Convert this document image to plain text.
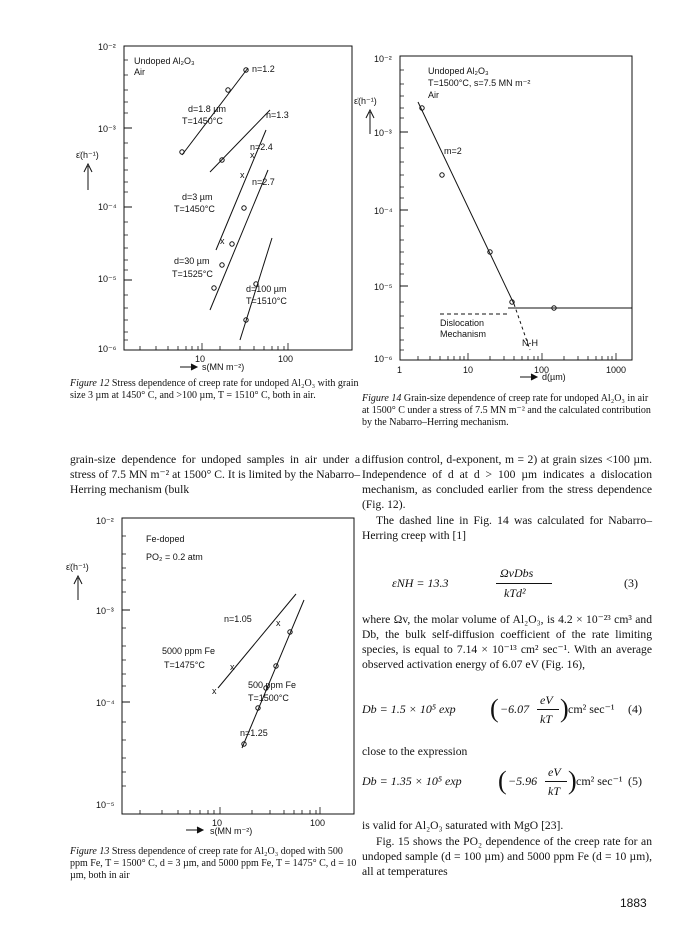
10⁻²
10⁻³
10⁻⁴
10⁻⁵
10⁻⁶
10	100
ε̇(h⁻¹)
Undoped Al₂O₃
Air
x
x
x
n=1.2
d=1.8 µm
T=1450°C
n=1.3
n=2.4
n=2.7
d=3 µm
T=1450°C
d=30 µm
T=1525°C
d=100 µm
T=1510°C
s(MN m⁻²)
Figure 12 Stress dependence of creep rate for undoped Al₂O₃ with grain size 3 µm at 1450° C, and >100 µm, T = 1510° C, both in air.
10⁻²
10⁻³
10⁻⁴
10⁻⁵
10⁻⁶
1	10	100	1000
ε̇(h⁻¹)
Undoped Al₂O₃
T=1500°C, s=7.5 MN m⁻²
Air
m=2
Dislocation
Mechanism
N-H
d(µm)
Figure 14 Grain-size dependence of creep rate for undoped Al₂O₃ in air at 1500° C under a stress of 7.5 MN m⁻² and the calculated contribution by the Nabarro–Herring mechanism.
grain-size dependence for undoped samples in air under a stress of 7.5 MN m⁻² at 1500° C. It is limited by the Nabarro–Herring mechanism (bulk
10⁻²
10⁻³
10⁻⁴
10⁻⁵
10	100
ε̇(h⁻¹)
Fe-doped
PO₂ = 0.2 atm
x
x
x
n=1.05
5000 ppm Fe
T=1475°C
500 ppm Fe
T=1500°C
n=1.25
s(MN m⁻²)
Figure 13 Stress dependence of creep rate for Al₂O₃ doped with 500 ppm Fe, T = 1500° C, d = 3 µm, and 5000 ppm Fe, T = 1475° C, d = 10 µm, both in air
diffusion control, d-exponent, m = 2) at grain sizes <100 µm. Independence of d at d > 100 µm indicates a dislocation mechanism, as concluded earlier from the stress dependence (Fig. 12).
The dashed line in Fig. 14 was calculated for Nabarro–Herring creep with [1]
ε̇NH = 13.3
ΩvDbs
kTd²
(3)
where Ωv, the molar volume of Al₂O₃, is 4.2 × 10⁻²³ cm³ and Db, the bulk self-diffusion coefficient of the rate limiting species, is equal to 7.14 × 10⁻¹³ cm² sec⁻¹. With an average observed activation energy of 6.07 eV (Fig. 16),
Db = 1.5 × 10⁵ exp ( −6.07
eV
kT ) cm² sec⁻¹ (4)
close to the expression
Db = 1.35 × 10⁵ exp ( −5.96
eV
kT ) cm² sec⁻¹ (5)
is valid for Al₂O₃ saturated with MgO [23].
Fig. 15 shows the PO₂ dependence of the creep rate for an undoped sample (d = 100 µm) and 5000 ppm Fe (d = 10 µm), all at temperatures
1883
